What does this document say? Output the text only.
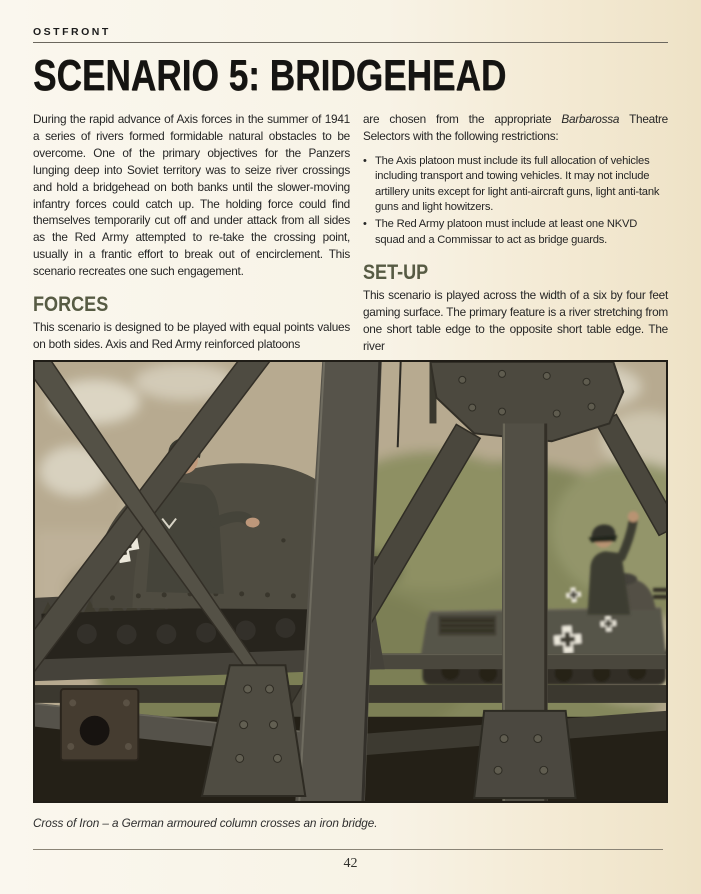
OSTFRONT
SCENARIO 5: BRIDGEHEAD

During the rapid advance of Axis forces in the summer of 1941 a series of rivers formed formidable natural obstacles to be overcome. One of the primary objectives for the Panzers lunging deep into Soviet territory was to seize river crossings and hold a bridgehead on both banks until the slower-moving infantry forces could catch up. The holding force could find themselves temporarily cut off and under attack from all sides as the Red Army attempted to re-take the crossing point, usually in a frantic effort to break out of encirclement. This scenario recreates one such engagement.

FORCES

This scenario is designed to be played with equal points values on both sides. Axis and Red Army reinforced platoons

are chosen from the appropriate Barbarossa Theatre Selectors with the following restrictions:

• The Axis platoon must include its full allocation of vehicles including transport and towing vehicles. It may not include artillery units except for light anti-aircraft guns, light anti-tank guns and light howitzers.
• The Red Army platoon must include at least one NKVD squad and a Commissar to act as bridge guards.
SET-UP

This scenario is played across the width of a six by four feet gaming surface. The primary feature is a river stretching from one short table edge to the opposite short table edge. The river

Cross of Iron – a German armoured column crosses an iron bridge.
42
